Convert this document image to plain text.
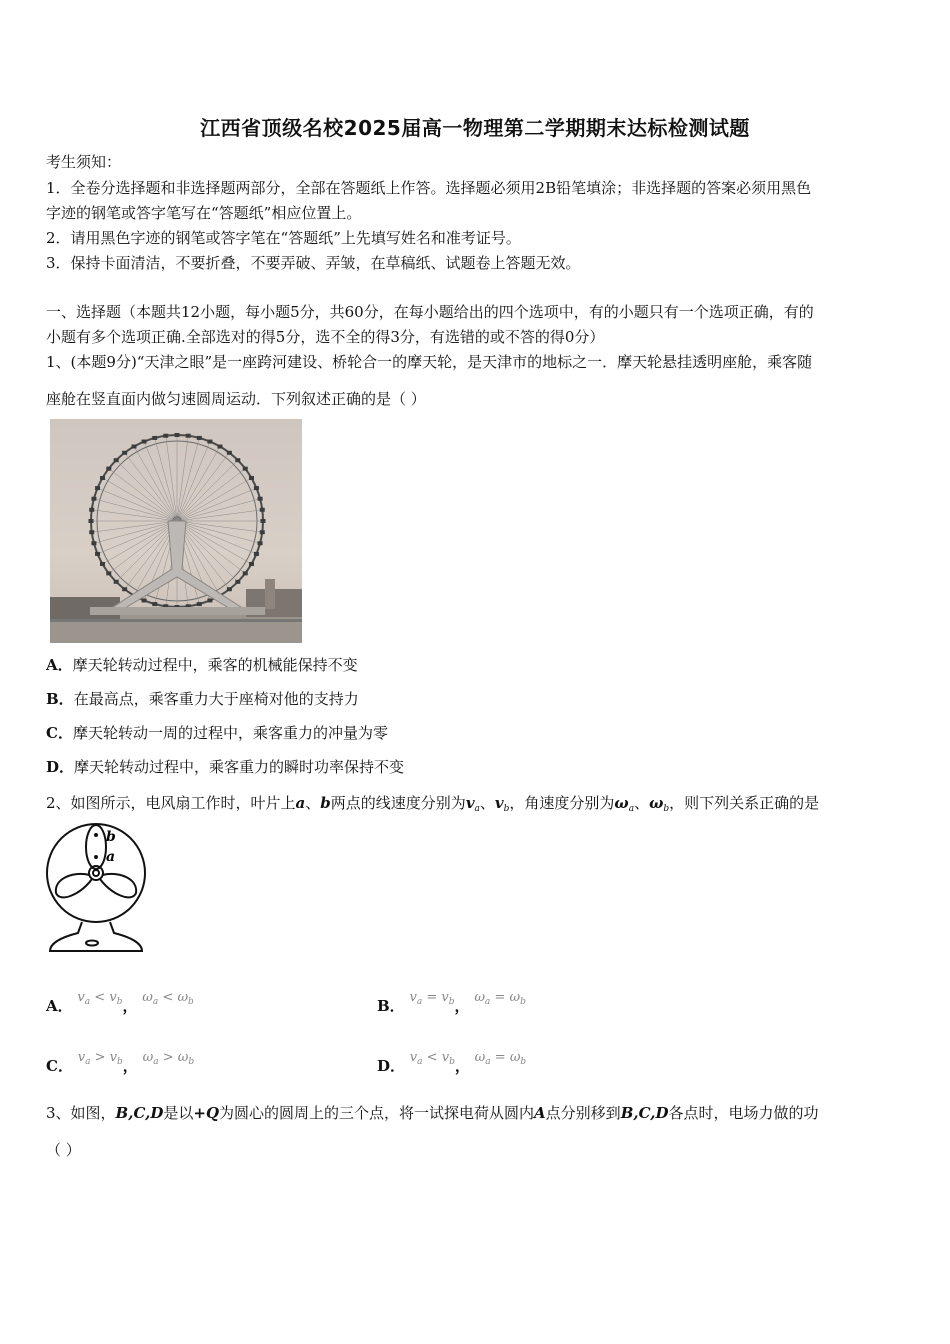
江西省顶级名校2025届高一物理第二学期期末达标检测试题
考生须知：
1．全卷分选择题和非选择题两部分，全部在答题纸上作答。选择题必须用2B铅笔填涂；非选择题的答案必须用黑色
字迹的钢笔或答字笔写在“答题纸”相应位置上。
2．请用黑色字迹的钢笔或答字笔在“答题纸”上先填写姓名和准考证号。
3．保持卡面清洁，不要折叠，不要弄破、弄皱，在草稿纸、试题卷上答题无效。
一、选择题（本题共12小题，每小题5分，共60分，在每小题给出的四个选项中，有的小题只有一个选项正确，有的
小题有多个选项正确.全部选对的得5分，选不全的得3分，有选错的或不答的得0分）
1、(本题9分)“天津之眼”是一座跨河建设、桥轮合一的摩天轮，是天津市的地标之一．摩天轮悬挂透明座舱，乘客随
座舱在竖直面内做匀速圆周运动．下列叙述正确的是（ ）
A．摩天轮转动过程中，乘客的机械能保持不变
B．在最高点，乘客重力大于座椅对他的支持力
C．摩天轮转动一周的过程中，乘客重力的冲量为零
D．摩天轮转动过程中，乘客重力的瞬时功率保持不变
2、如图所示，电风扇工作时，叶片上a、b两点的线速度分别为$v_a$、$v_b$，角速度分别为$\omega_a$、$\omega_b$，则下列关系正确的是
b
a
A． $v_a < v_b$， $\omega_a < \omega_b$	B． $v_a = v_b$， $\omega_a = \omega_b$
C． $v_a > v_b$， $\omega_a > \omega_b$	D． $v_a < v_b$， $\omega_a = \omega_b$
3、如图，B,C,D是以+Q为圆心的圆周上的三个点，将一试探电荷从圆内A点分别移到B,C,D各点时，电场力做的功
（ ）
